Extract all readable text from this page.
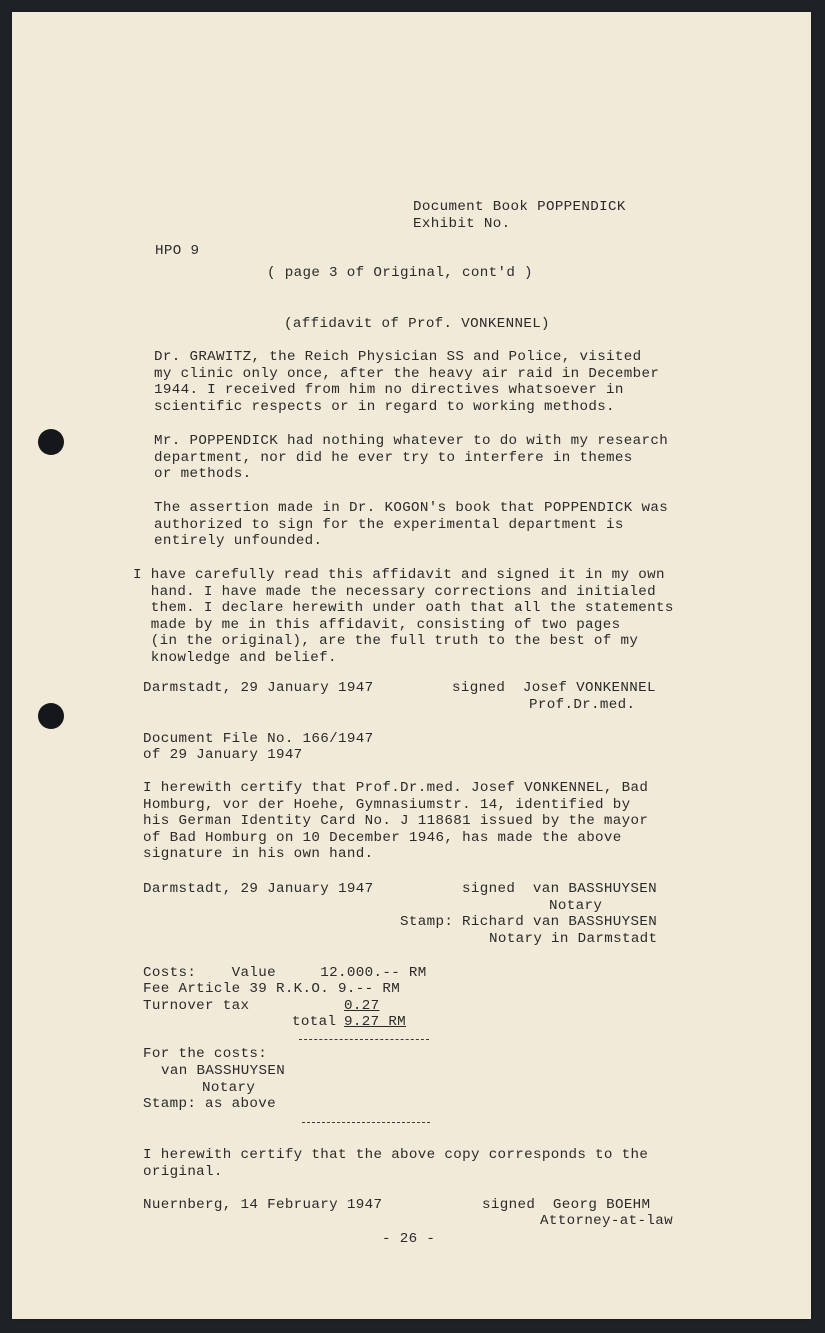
Document Book POPPENDICK
Exhibit No.
HPO 9
( page 3 of Original, cont'd )
(affidavit of Prof. VONKENNEL)
Dr. GRAWITZ, the Reich Physician SS and Police, visited
my clinic only once, after the heavy air raid in December
1944. I received from him no directives whatsoever in
scientific respects or in regard to working methods.
Mr. POPPENDICK had nothing whatever to do with my research
department, nor did he ever try to interfere in themes
or methods.
The assertion made in Dr. KOGON's book that POPPENDICK was
authorized to sign for the experimental department is
entirely unfounded.
I have carefully read this affidavit and signed it in my own
hand. I have made the necessary corrections and initialed
them. I declare herewith under oath that all the statements
made by me in this affidavit, consisting of two pages
(in the original), are the full truth to the best of my
knowledge and belief.
Darmstadt, 29 January 1947	signed  Josef VONKENNEL
Prof.Dr.med.
Document File No. 166/1947
of 29 January 1947
I herewith certify that Prof.Dr.med. Josef VONKENNEL, Bad
Homburg, vor der Hoehe, Gymnasiumstr. 14, identified by
his German Identity Card No. J 118681 issued by the mayor
of Bad Homburg on 10 December 1946, has made the above
signature in his own hand.
Darmstadt, 29 January 1947	signed  van BASSHUYSEN
Notary
Stamp: Richard van BASSHUYSEN
Notary in Darmstadt
Costs:    Value     12.000.-- RM
Fee Article 39 R.K.O. 9.-- RM
Turnover tax	0.27
total 9.27 RM
For the costs:
van BASSHUYSEN
Notary
Stamp: as above
I herewith certify that the above copy corresponds to the
original.
Nuernberg, 14 February 1947	signed  Georg BOEHM
Attorney-at-law
- 26 -
